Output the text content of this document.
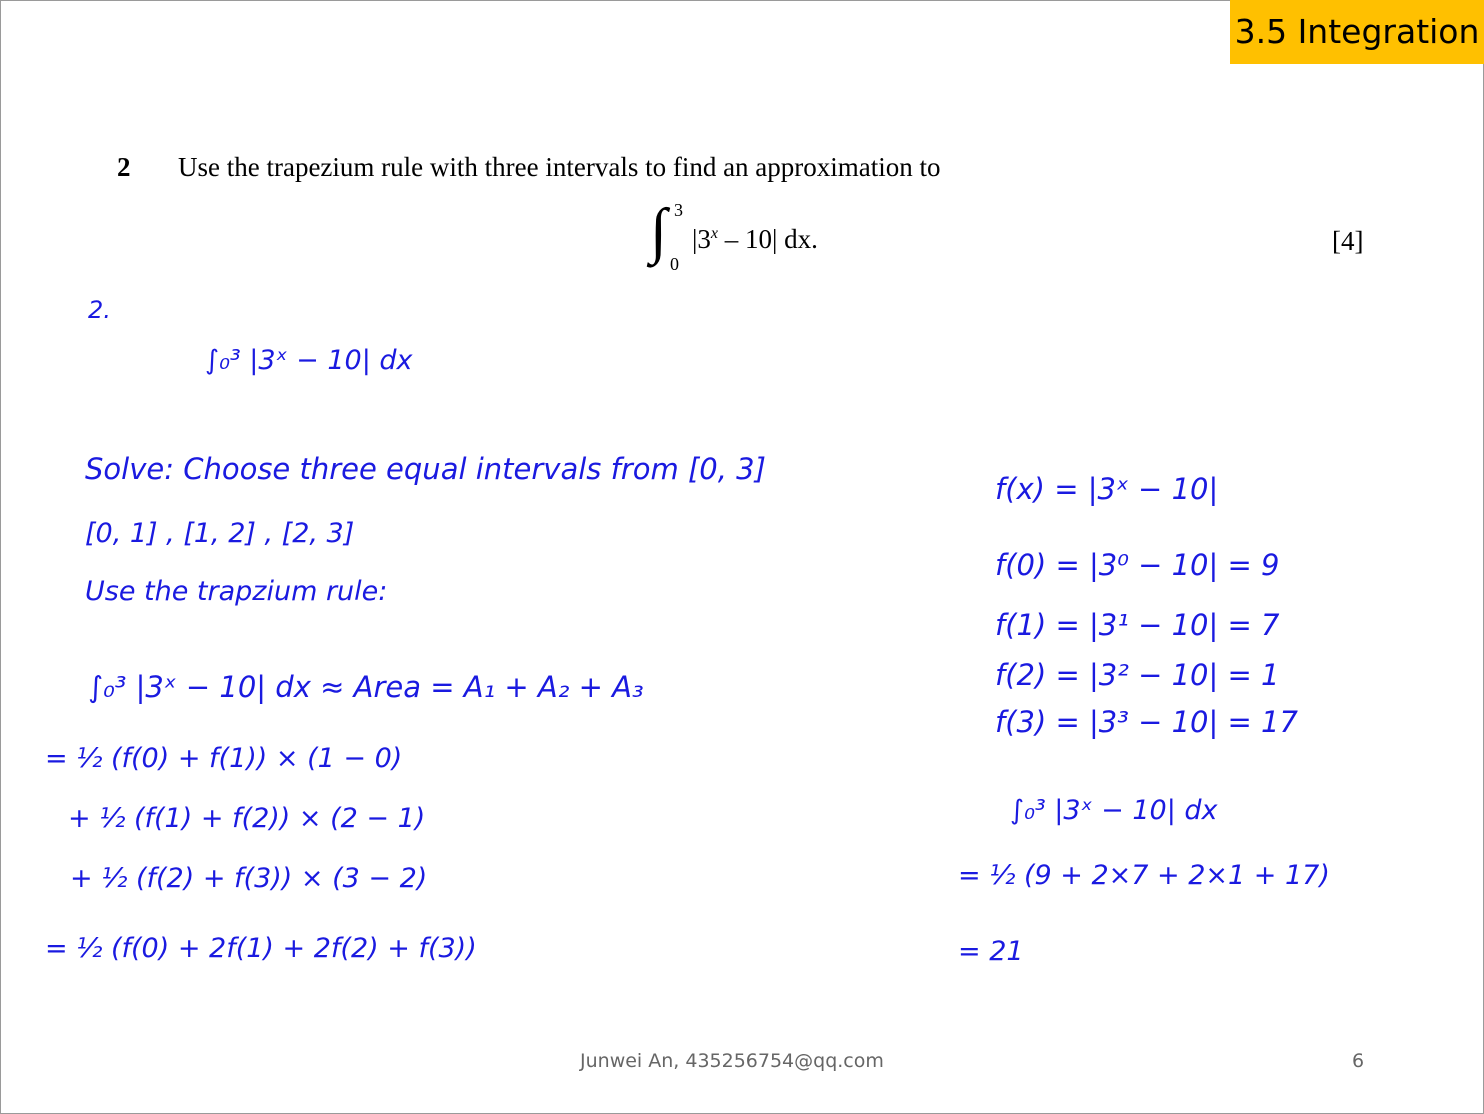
3.5 Integration
2 Use the trapezium rule with three intervals to find an approximation to
∫ 3
0
|3$^x$ – 10| dx.	[4]
2.
∫₀³ |3ˣ − 10| dx
Solve: Choose three equal intervals from [0, 3]
[0, 1] , [1, 2] , [2, 3]
Use the trapzium rule:
∫₀³ |3ˣ − 10| dx ≈ Area = A₁ + A₂ + A₃
= ½ (f(0) + f(1)) × (1 − 0)
+ ½ (f(1) + f(2)) × (2 − 1)
+ ½ (f(2) + f(3)) × (3 − 2)
= ½ (f(0) + 2f(1) + 2f(2) + f(3))
f(x) = |3ˣ − 10|
f(0) = |3⁰ − 10| = 9
f(1) = |3¹ − 10| = 7
f(2) = |3² − 10| = 1
f(3) = |3³ − 10| = 17
∫₀³ |3ˣ − 10| dx
= ½ (9 + 2×7 + 2×1 + 17)
= 21
Junwei An, 435256754@qq.com	6
